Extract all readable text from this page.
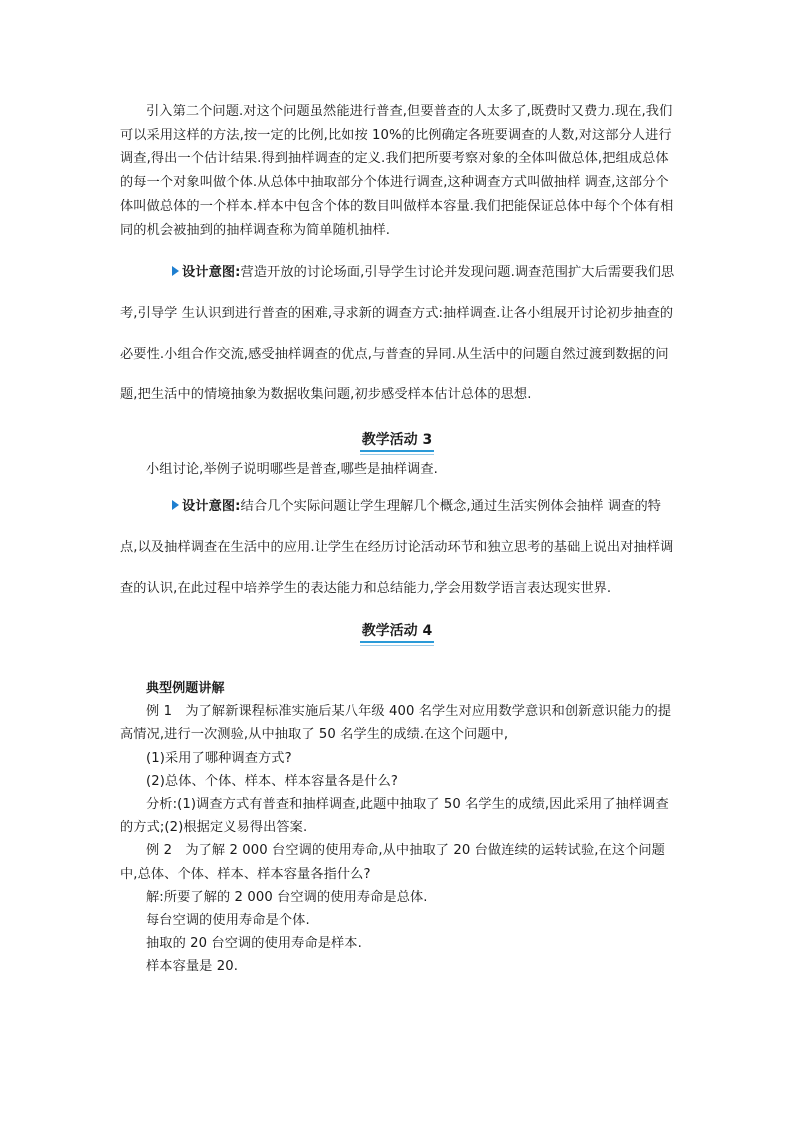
引入第二个问题.对这个问题虽然能进行普查,但要普查的人太多了,既费时又费力.现在,我们可以采用这样的方法,按一定的比例,比如按 10%的比例确定各班要调查的人数,对这部分人进行调查,得出一个估计结果.得到抽样调查的定义.我们把所要考察对象的全体叫做总体,把组成总体的每一个对象叫做个体.从总体中抽取部分个体进行调查,这种调查方式叫做抽样 调查,这部分个体叫做总体的一个样本.样本中包含个体的数目叫做样本容量.我们把能保证总体中每个个体有相同的机会被抽到的抽样调查称为简单随机抽样.
设计意图:营造开放的讨论场面,引导学生讨论并发现问题.调查范围扩大后需要我们思考,引导学 生认识到进行普查的困难,寻求新的调查方式:抽样调查.让各小组展开讨论初步抽查的必要性.小组合作交流,感受抽样调查的优点,与普查的异同.从生活中的问题自然过渡到数据的问题,把生活中的情境抽象为数据收集问题,初步感受样本估计总体的思想.
教学活动 3
小组讨论,举例子说明哪些是普查,哪些是抽样调查.
设计意图:结合几个实际问题让学生理解几个概念,通过生活实例体会抽样 调查的特点,以及抽样调查在生活中的应用.让学生在经历讨论活动环节和独立思考的基础上说出对抽样调查的认识,在此过程中培养学生的表达能力和总结能力,学会用数学语言表达现实世界.
教学活动 4
典型例题讲解
例 1　为了解新课程标准实施后某八年级 400 名学生对应用数学意识和创新意识能力的提高情况,进行一次测验,从中抽取了 50 名学生的成绩.在这个问题中,
(1)采用了哪种调查方式?
(2)总体、个体、样本、样本容量各是什么?
分析:(1)调查方式有普查和抽样调查,此题中抽取了 50 名学生的成绩,因此采用了抽样调查的方式;(2)根据定义易得出答案.
例 2　为了解 2 000 台空调的使用寿命,从中抽取了 20 台做连续的运转试验,在这个问题中,总体、个体、样本、样本容量各指什么?
解:所要了解的 2 000 台空调的使用寿命是总体.
每台空调的使用寿命是个体.
抽取的 20 台空调的使用寿命是样本.
样本容量是 20.
